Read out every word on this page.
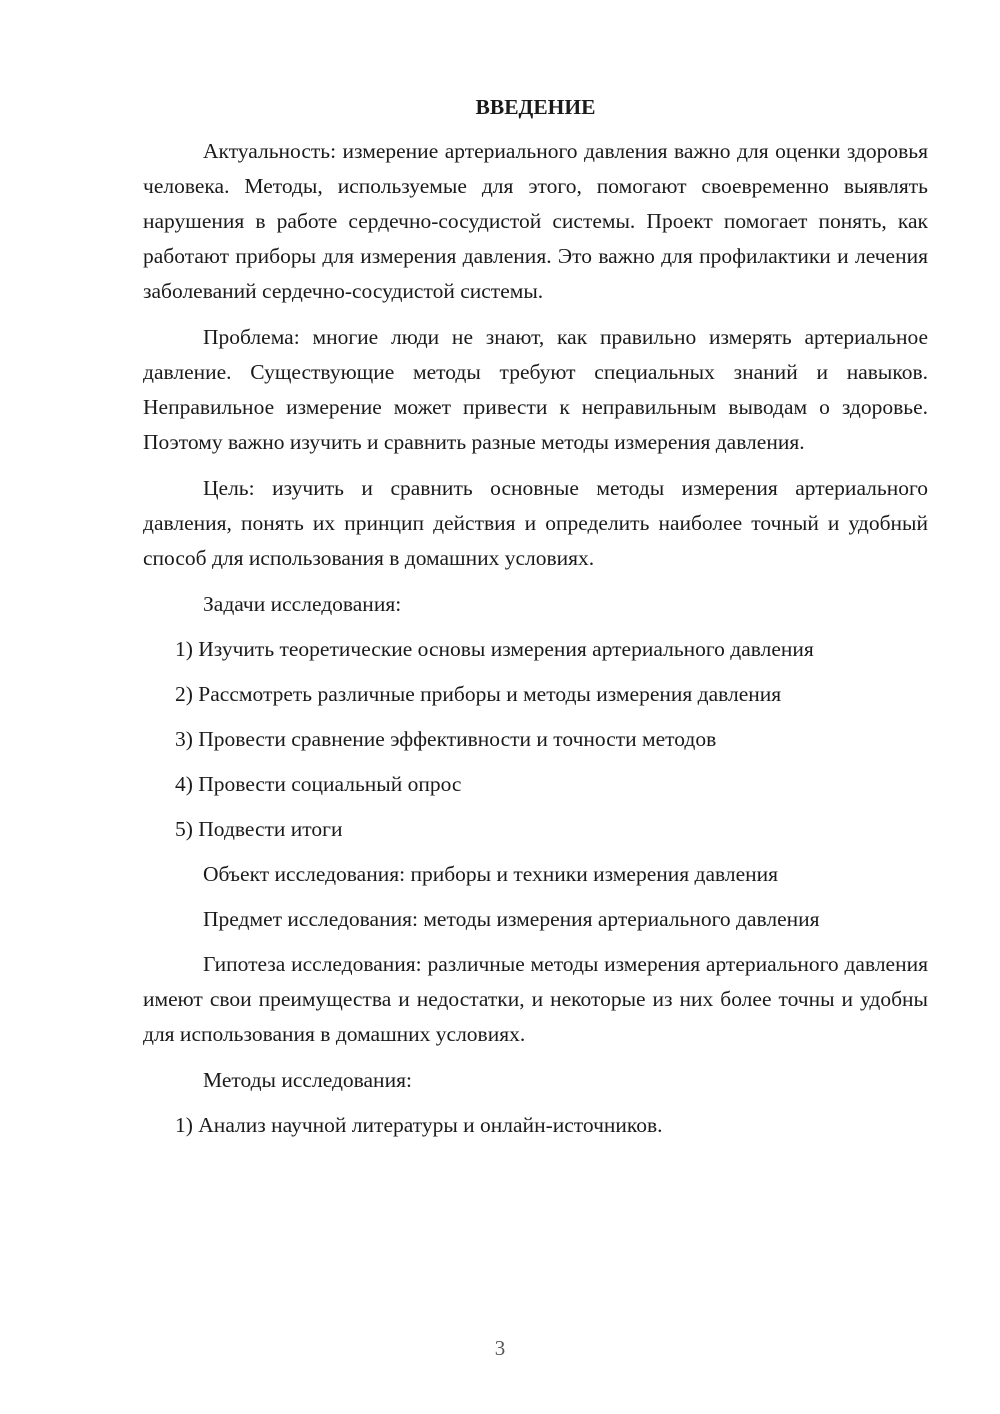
ВВЕДЕНИЕ

Актуальность: измерение артериального давления важно для оценки здоровья человека. Методы, используемые для этого, помогают своевременно выявлять нарушения в работе сердечно-сосудистой системы. Проект помогает понять, как работают приборы для измерения давления. Это важно для профилактики и лечения заболеваний сердечно-сосудистой системы.

Проблема: многие люди не знают, как правильно измерять артериальное давление. Существующие методы требуют специальных знаний и навыков. Неправильное измерение может привести к неправильным выводам о здоровье. Поэтому важно изучить и сравнить разные методы измерения давления.

Цель: изучить и сравнить основные методы измерения артериального давления, понять их принцип действия и определить наиболее точный и удобный способ для использования в домашних условиях.

Задачи исследования:
1) Изучить теоретические основы измерения артериального давления
2) Рассмотреть различные приборы и методы измерения давления
3) Провести сравнение эффективности и точности методов
4) Провести социальный опрос
5) Подвести итоги
Объект исследования: приборы и техники измерения давления
Предмет исследования: методы измерения артериального давления

Гипотеза исследования: различные методы измерения артериального давления имеют свои преимущества и недостатки, и некоторые из них более точны и удобны для использования в домашних условиях.

Методы исследования:
1) Анализ научной литературы и онлайн-источников.
3
